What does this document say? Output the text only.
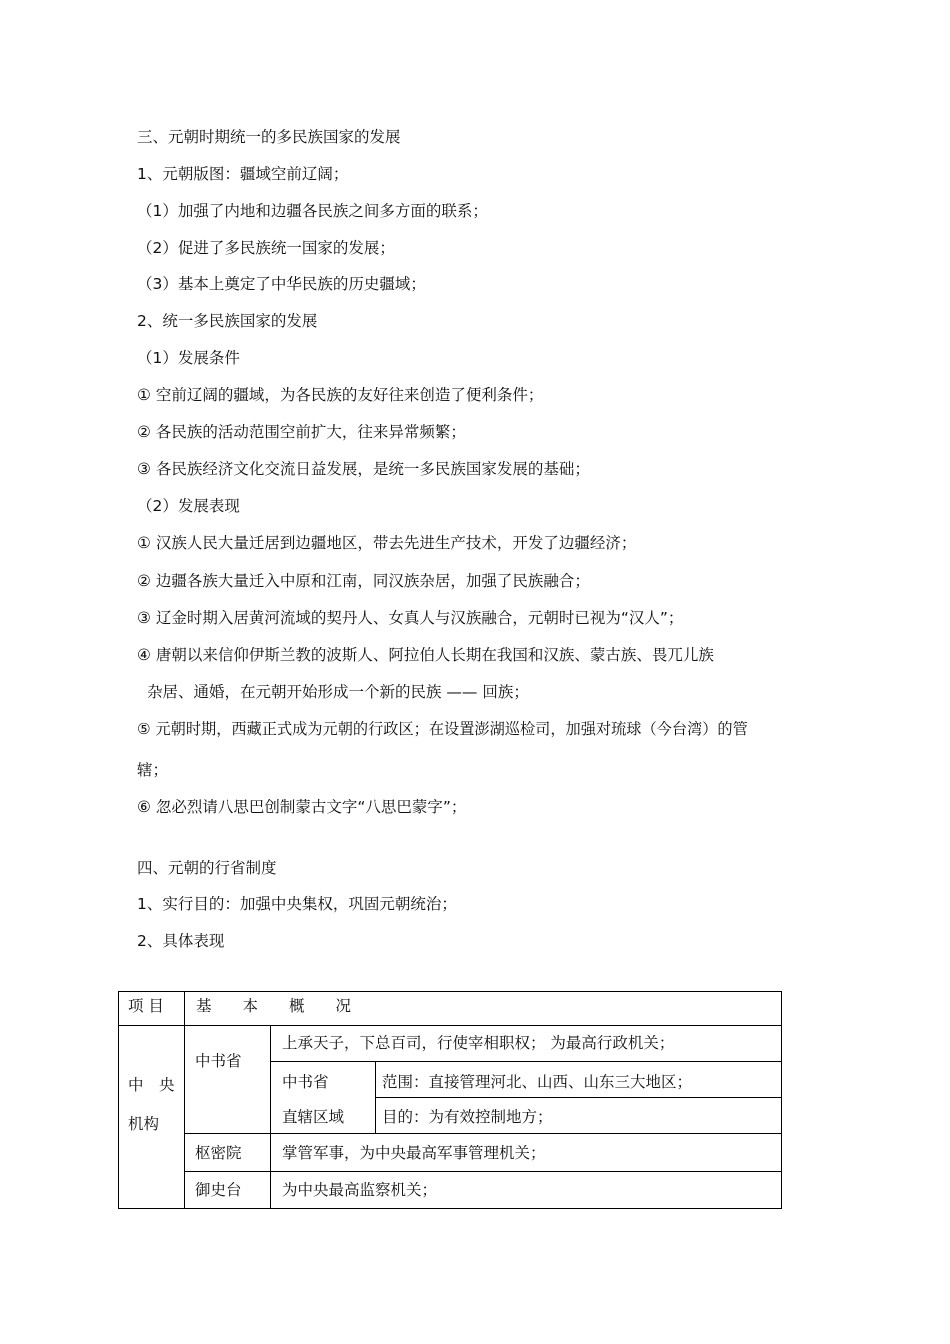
三、元朝时期统一的多民族国家的发展
1、元朝版图：疆域空前辽阔；
（1）加强了内地和边疆各民族之间多方面的联系；
（2）促进了多民族统一国家的发展；
（3）基本上奠定了中华民族的历史疆域；
2、统一多民族国家的发展
（1）发展条件
① 空前辽阔的疆域，为各民族的友好往来创造了便利条件；
② 各民族的活动范围空前扩大，往来异常频繁；
③ 各民族经济文化交流日益发展，是统一多民族国家发展的基础；
（2）发展表现
① 汉族人民大量迁居到边疆地区，带去先进生产技术，开发了边疆经济；
② 边疆各族大量迁入中原和江南，同汉族杂居，加强了民族融合；
③ 辽金时期入居黄河流域的契丹人、女真人与汉族融合，元朝时已视为“汉人”；
④ 唐朝以来信仰伊斯兰教的波斯人、阿拉伯人长期在我国和汉族、蒙古族、畏兀儿族
杂居、通婚，在元朝开始形成一个新的民族 —— 回族；
⑤ 元朝时期，西藏正式成为元朝的行政区；在设置澎湖巡检司，加强对琉球（今台湾）的管
辖；
⑥ 忽必烈请八思巴创制蒙古文字“八思巴蒙字”；
四、元朝的行省制度
1、实行目的：加强中央集权，巩固元朝统治；
2、具体表现
项 目 基　　本　　概　　况
中　央
机构
中书省
上承天子，下总百司，行使宰相职权； 为最高行政机关；
中书省
直辖区域
范围：直接管理河北、山西、山东三大地区；
目的：为有效控制地方；
枢密院	掌管军事，为中央最高军事管理机关；
御史台	为中央最高监察机关；
